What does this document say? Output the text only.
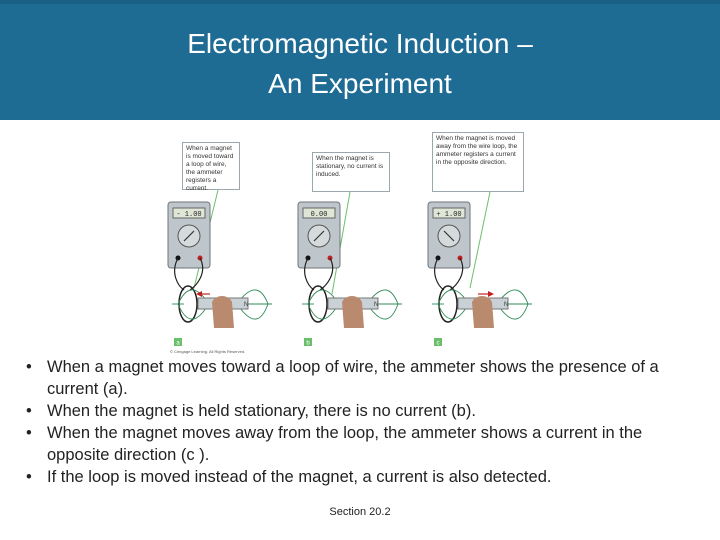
Electromagnetic Induction –
An Experiment
When a magnet is moved toward a loop of wire, the ammeter registers a current.
When the magnet is stationary, no current is induced.
When the magnet is moved away from the wire loop, the ammeter registers a current in the opposite direction.
- 1.00
N
a
0.00
N
b
+ 1.00
N
c
© Cengage Learning. All Rights Reserved.
• When a magnet moves toward a loop of wire, the ammeter shows the presence of a current (a).
• When the magnet is held stationary, there is no current (b).
• When the magnet moves away from the loop, the ammeter shows a current in the opposite direction (c ).
• If the loop is moved instead of the magnet, a current is also detected.
Section 20.2
